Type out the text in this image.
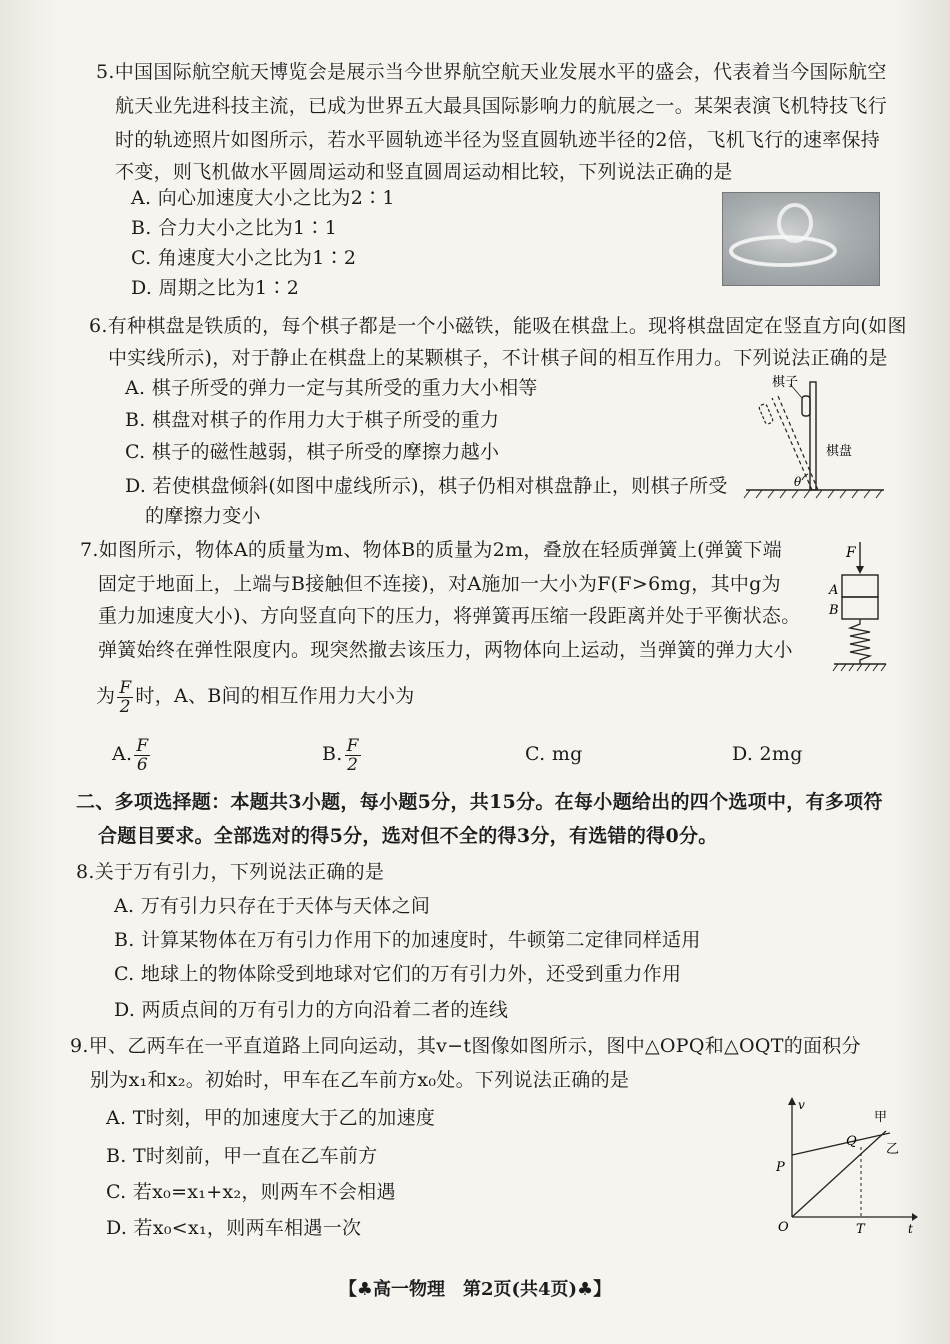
5.中国国际航空航天博览会是展示当今世界航空航天业发展水平的盛会，代表着当今国际航空
航天业先进科技主流，已成为世界五大最具国际影响力的航展之一。某架表演飞机特技飞行
时的轨迹照片如图所示，若水平圆轨迹半径为竖直圆轨迹半径的2倍，飞机飞行的速率保持
不变，则飞机做水平圆周运动和竖直圆周运动相比较，下列说法正确的是
A. 向心加速度大小之比为2∶1
B. 合力大小之比为1∶1
C. 角速度大小之比为1∶2
D. 周期之比为1∶2
6.有种棋盘是铁质的，每个棋子都是一个小磁铁，能吸在棋盘上。现将棋盘固定在竖直方向(如图
中实线所示)，对于静止在棋盘上的某颗棋子，不计棋子间的相互作用力。下列说法正确的是
A. 棋子所受的弹力一定与其所受的重力大小相等
B. 棋盘对棋子的作用力大于棋子所受的重力
C. 棋子的磁性越弱，棋子所受的摩擦力越小
D. 若使棋盘倾斜(如图中虚线所示)，棋子仍相对棋盘静止，则棋子所受
的摩擦力变小
棋子
棋盘
θ
7.如图所示，物体A的质量为m、物体B的质量为2m，叠放在轻质弹簧上(弹簧下端
固定于地面上，上端与B接触但不连接)，对A施加一大小为F(F>6mg，其中g为
重力加速度大小)、方向竖直向下的压力，将弹簧再压缩一段距离并处于平衡状态。
弹簧始终在弹性限度内。现突然撤去该压力，两物体向上运动，当弹簧的弹力大小
为 $\frac{F}{2}$ 时，A、B间的相互作用力大小为
A. $\frac{F}{6}$	B. $\frac{F}{2}$	C. mg	D. 2mg
F
A
B
二、多项选择题：本题共3小题，每小题5分，共15分。在每小题给出的四个选项中，有多项符
合题目要求。全部选对的得5分，选对但不全的得3分，有选错的得0分。
8.关于万有引力，下列说法正确的是
A. 万有引力只存在于天体与天体之间
B. 计算某物体在万有引力作用下的加速度时，牛顿第二定律同样适用
C. 地球上的物体除受到地球对它们的万有引力外，还受到重力作用
D. 两质点间的万有引力的方向沿着二者的连线
9.甲、乙两车在一平直道路上同向运动，其v−t图像如图所示，图中△OPQ和△OQT的面积分
别为x₁和x₂。初始时，甲车在乙车前方x₀处。下列说法正确的是
A. T时刻，甲的加速度大于乙的加速度
B. T时刻前，甲一直在乙车前方
C. 若x₀=x₁+x₂，则两车不会相遇
D. 若x₀<x₁，则两车相遇一次
v
t
O
P
Q
T
甲
乙
【♣高一物理　第2页(共4页)♣】
